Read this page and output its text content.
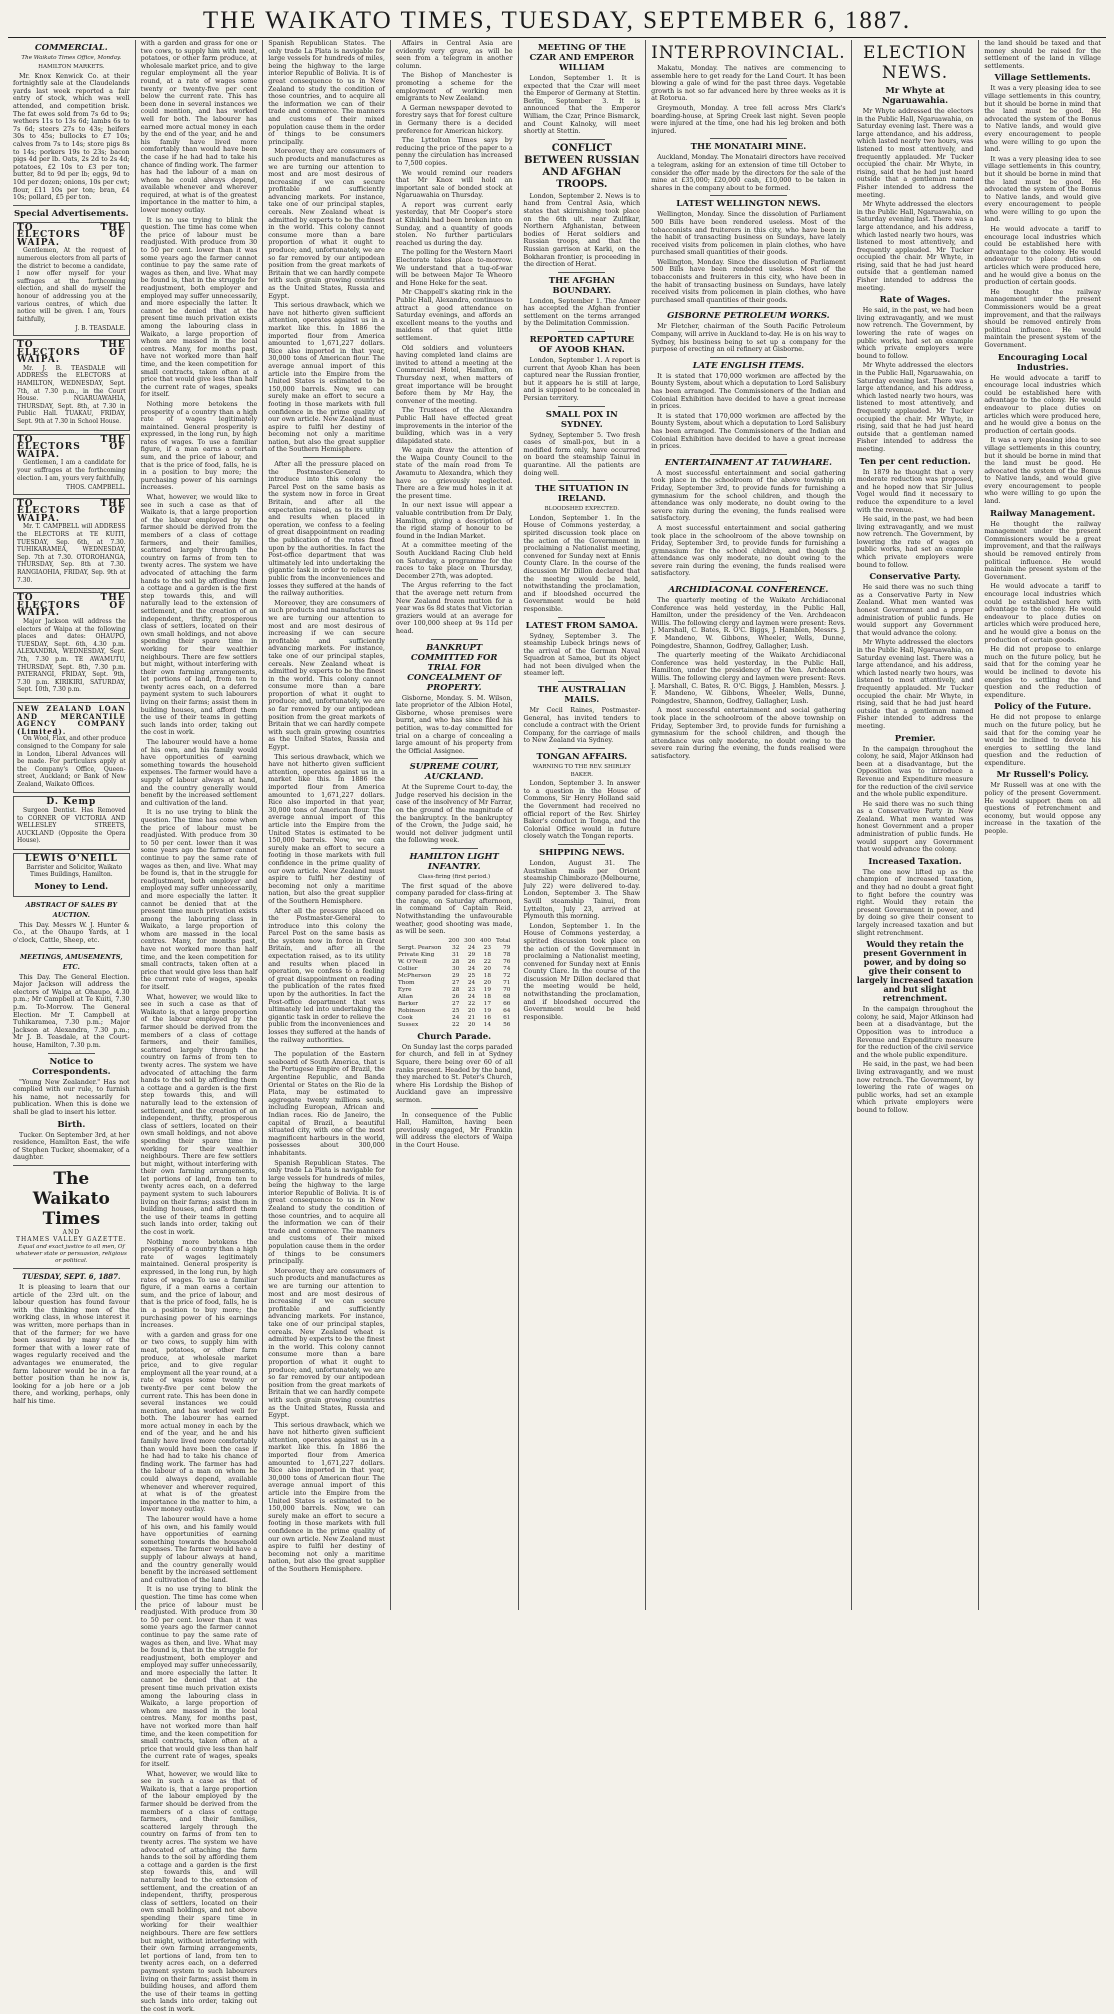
THE WAIKATO TIMES, TUESDAY, SEPTEMBER 6, 1887.
COMMERCIAL.
The Waikato Times Office, Monday.
HAMILTON MARKETS.

Mr. Knox Kenwick Co. at their fortnightly sale at the Claudelands yards last week reported a fair entry of stock, which was well attended, and competition brisk. The fat ewes sold from 7s 6d to 9s; wethers 11s to 13s 6d; lambs 6s to 7s 6d; steers 27s to 43s; heifers 30s to 45s; bullocks to £7 10s; calves from 7s to 14s; store pigs 8s to 14s; porkers 19s to 23s; bacon pigs 4d per lb. Oats, 2s 2d to 2s 4d; potatoes, £2 10s to £3 per ton; butter, 8d to 9d per lb; eggs, 9d to 10d per dozen; onions, 10s per cwt; flour, £11 10s per ton; bran, £4 10s; pollard, £5 per ton.

Special Advertisements.
TO THE ELECTORS OF WAIPA.

Gentlemen, At the request of numerous electors from all parts of the district to become a candidate, I now offer myself for your suffrages at the forthcoming election, and shall do myself the honour of addressing you at the various centres, of which due notice will be given. I am, Yours faithfully,

J. B. TEASDALE.
TO THE ELECTORS OF WAIPA.

Mr. J. B. TEASDALE will ADDRESS the ELECTORS at HAMILTON, WEDNESDAY, Sept. 7th, at 7.30 p.m., in the Court House. NGARUAWAHIA, THURSDAY, Sept. 8th, at 7.30 in Public Hall. TUAKAU, FRIDAY, Sept. 9th at 7.30 in School House.

TO THE ELECTORS OF WAIPA.

Gentlemen, I am a candidate for your suffrages at the forthcoming election. I am, yours very faithfully,

THOS. CAMPBELL.
TO THE ELECTORS OF WAIPA.

Mr. T. CAMPBELL will ADDRESS the ELECTORS at TE KUITI, TUESDAY, Sep. 6th, at 7.30. TUHIKARAMEA, WEDNESDAY, Sep. 7th at 7.30. OTOROHANGA, THURSDAY, Sep. 8th at 7.30. RANGIAOHIA, FRIDAY, Sep. 9th at 7.30.

TO THE ELECTORS OF WAIPA.

Major Jackson will address the electors of Waipa at the following places and dates: OHAUPO, TUESDAY, Sept. 6th, 4.30 p.m. ALEXANDRA, WEDNESDAY, Sept. 7th, 7.30 p.m. TE AWAMUTU, THURSDAY, Sept. 8th, 7.30 p.m. PATERANGI, FRIDAY, Sept. 9th, 7.30 p.m. KIRIKIRI, SATURDAY, Sept. 10th, 7.30 p.m.

NEW ZEALAND LOAN AND MERCANTILE AGENCY COMPANY (Limited).

On Wool, Flax, and other produce consigned to the Company for sale in London, Liberal Advances will be made. For particulars apply at the Company's Office, Queen-street, Auckland; or Bank of New Zealand, Waikato Offices.

D. Kemp

Surgeon Dentist. Has Removed to CORNER OF VICTORIA AND WELLESLEY STREETS, AUCKLAND (Opposite the Opera House).

LEWIS O'NEILL

Barrister and Solicitor, Waikato Times Buildings, Hamilton.

Money to Lend.
ABSTRACT OF SALES BY AUCTION.

This Day. Messrs W. J. Hunter & Co., at the Ohaupo Yards, at 1 o'clock, Cattle, Sheep, etc.

MEETINGS, AMUSEMENTS, ETC.

This Day. The General Election. Major Jackson will address the electors of Waipa at Ohaupo, 4.30 p.m.; Mr Campbell at Te Kuiti, 7.30 p.m. To-Morrow. The General Election. Mr T. Campbell at Tuhikaramea, 7.30 p.m.; Major Jackson at Alexandra, 7.30 p.m.; Mr J. B. Teasdale, at the Court-house, Hamilton, 7.30 p.m.

Notice to Correspondents.

"Young New Zealander." Has not complied with our rule, to furnish his name, not necessarily for publication. When this is done we shall be glad to insert his letter.

Birth.

Tucker. On September 3rd, at her residence, Hamilton East, the wife of Stephen Tucker, shoemaker, of a daughter.

The Waikato Times
AND
THAMES VALLEY GAZETTE.
Equal and exact justice to all men, Of whatever state or persuasion, religious or political.
TUESDAY, SEPT. 6, 1887.

It is pleasing to learn that our article of the 23rd ult. on the labour question has found favour with the thinking men of the working class, in whose interest it was written, more perhaps than in that of the farmer; for we have been assured by many of the former that with a lower rate of wages regularly received and the advantages we enumerated, the farm labourer would be in a far better position than he now is, looking for a job here or a job there, and working, perhaps, only half his time.

with a garden and grass for one or two cows, to supply him with meat, potatoes, or other farm produce, at wholesale market price, and to give regular employment all the year round, at a rate of wages some twenty or twenty-five per cent below the current rate. This has been done in several instances we could mention, and has worked well for both. The labourer has earned more actual money in each by the end of the year, and he and his family have lived more comfortably than would have been the case if he had had to take his chance of finding work. The farmer has had the labour of a man on whom he could always depend, available whenever and wherever required, at what is of the greatest importance in the matter to him, a lower money outlay.

It is no use trying to blink the question. The time has come when the price of labour must be readjusted. With produce from 30 to 50 per cent. lower than it was some years ago the farmer cannot continue to pay the same rate of wages as then, and live. What may be found is, that in the struggle for readjustment, both employer and employed may suffer unnecessarily, and more especially the latter. It cannot be denied that at the present time much privation exists among the labouring class in Waikato, a large proportion of whom are massed in the local centres. Many, for months past, have not worked more than half time, and the keen competition for small contracts, taken often at a price that would give less than half the current rate of wages, speaks for itself.

Nothing more betokens the prosperity of a country than a high rate of wages legitimately maintained. General prosperity is expressed, in the long run, by high rates of wages. To use a familiar figure, if a man earns a certain sum, and the price of labour, and that is the price of food, falls, he is in a position to buy more; the purchasing power of his earnings increases.

What, however, we would like to see in such a case as that of Waikato is, that a large proportion of the labour employed by the farmer should be derived from the members of a class of cottage farmers, and their families, scattered largely through the country on farms of from ten to twenty acres. The system we have advocated of attaching the farm hands to the soil by affording them a cottage and a garden is the first step towards this, and will naturally lead to the extension of settlement, and the creation of an independent, thrifty, prosperous class of settlers, located on their own small holdings, and not above spending their spare time in working for their wealthier neighbours. There are few settlers but might, without interfering with their own farming arrangements, let portions of land, from ten to twenty acres each, on a deferred payment system to such labourers living on their farms; assist them in building houses, and afford them the use of their teams in getting such lands into order, taking out the cost in work.

The labourer would have a home of his own, and his family would have opportunities of earning something towards the household expenses. The farmer would have a supply of labour always at hand, and the country generally would benefit by the increased settlement and cultivation of the land.

It is no use trying to blink the question. The time has come when the price of labour must be readjusted. With produce from 30 to 50 per cent. lower than it was some years ago the farmer cannot continue to pay the same rate of wages as then, and live. What may be found is, that in the struggle for readjustment, both employer and employed may suffer unnecessarily, and more especially the latter. It cannot be denied that at the present time much privation exists among the labouring class in Waikato, a large proportion of whom are massed in the local centres. Many, for months past, have not worked more than half time, and the keen competition for small contracts, taken often at a price that would give less than half the current rate of wages, speaks for itself.

What, however, we would like to see in such a case as that of Waikato is, that a large proportion of the labour employed by the farmer should be derived from the members of a class of cottage farmers, and their families, scattered largely through the country on farms of from ten to twenty acres. The system we have advocated of attaching the farm hands to the soil by affording them a cottage and a garden is the first step towards this, and will naturally lead to the extension of settlement, and the creation of an independent, thrifty, prosperous class of settlers, located on their own small holdings, and not above spending their spare time in working for their wealthier neighbours. There are few settlers but might, without interfering with their own farming arrangements, let portions of land, from ten to twenty acres each, on a deferred payment system to such labourers living on their farms; assist them in building houses, and afford them the use of their teams in getting such lands into order, taking out the cost in work.

Nothing more betokens the prosperity of a country than a high rate of wages legitimately maintained. General prosperity is expressed, in the long run, by high rates of wages. To use a familiar figure, if a man earns a certain sum, and the price of labour, and that is the price of food, falls, he is in a position to buy more; the purchasing power of his earnings increases.

with a garden and grass for one or two cows, to supply him with meat, potatoes, or other farm produce, at wholesale market price, and to give regular employment all the year round, at a rate of wages some twenty or twenty-five per cent below the current rate. This has been done in several instances we could mention, and has worked well for both. The labourer has earned more actual money in each by the end of the year, and he and his family have lived more comfortably than would have been the case if he had had to take his chance of finding work. The farmer has had the labour of a man on whom he could always depend, available whenever and wherever required, at what is of the greatest importance in the matter to him, a lower money outlay.

The labourer would have a home of his own, and his family would have opportunities of earning something towards the household expenses. The farmer would have a supply of labour always at hand, and the country generally would benefit by the increased settlement and cultivation of the land.

It is no use trying to blink the question. The time has come when the price of labour must be readjusted. With produce from 30 to 50 per cent. lower than it was some years ago the farmer cannot continue to pay the same rate of wages as then, and live. What may be found is, that in the struggle for readjustment, both employer and employed may suffer unnecessarily, and more especially the latter. It cannot be denied that at the present time much privation exists among the labouring class in Waikato, a large proportion of whom are massed in the local centres. Many, for months past, have not worked more than half time, and the keen competition for small contracts, taken often at a price that would give less than half the current rate of wages, speaks for itself.

What, however, we would like to see in such a case as that of Waikato is, that a large proportion of the labour employed by the farmer should be derived from the members of a class of cottage farmers, and their families, scattered largely through the country on farms of from ten to twenty acres. The system we have advocated of attaching the farm hands to the soil by affording them a cottage and a garden is the first step towards this, and will naturally lead to the extension of settlement, and the creation of an independent, thrifty, prosperous class of settlers, located on their own small holdings, and not above spending their spare time in working for their wealthier neighbours. There are few settlers but might, without interfering with their own farming arrangements, let portions of land, from ten to twenty acres each, on a deferred payment system to such labourers living on their farms; assist them in building houses, and afford them the use of their teams in getting such lands into order, taking out the cost in work.

Spanish Republican States. The only trade La Plata is navigable for large vessels for hundreds of miles, being the highway to the large interior Republic of Bolivia. It is of great consequence to us in New Zealand to study the condition of those countries, and to acquire all the information we can of their trade and commerce. The manners and customs of their mixed population cause them in the order of things to be consumers principally.

Moreover, they are consumers of such products and manufactures as we are turning our attention to most and are most desirous of increasing if we can secure profitable and sufficiently advancing markets. For instance, take one of our principal staples, cereals. New Zealand wheat is admitted by experts to be the finest in the world. This colony cannot consume more than a bare proportion of what it ought to produce; and, unfortunately, we are so far removed by our antipodean position from the great markets of Britain that we can hardly compete with such grain growing countries as the United States, Russia and Egypt.

This serious drawback, which we have not hitherto given sufficient attention, operates against us in a market like this. In 1886 the imported flour from America amounted to 1,671,227 dollars. Rice also imported in that year, 30,000 tons of American flour. The average annual import of this article into the Empire from the United States is estimated to be 150,000 barrels. Now, we can surely make an effort to secure a footing in those markets with full confidence in the prime quality of our own article. New Zealand must aspire to fulfil her destiny of becoming not only a maritime nation, but also the great supplier of the Southern Hemisphere.

After all the pressure placed on the Postmaster-General to introduce into this colony the Parcel Post on the same basis as the system now in force in Great Britain, and after all the expectation raised, as to its utility and results when placed in operation, we confess to a feeling of great disappointment on reading the publication of the rates fixed upon by the authorities. In fact the Post-office department that was ultimately led into undertaking the gigantic task in order to relieve the public from the inconveniences and losses they suffered at the hands of the railway authorities.

Moreover, they are consumers of such products and manufactures as we are turning our attention to most and are most desirous of increasing if we can secure profitable and sufficiently advancing markets. For instance, take one of our principal staples, cereals. New Zealand wheat is admitted by experts to be the finest in the world. This colony cannot consume more than a bare proportion of what it ought to produce; and, unfortunately, we are so far removed by our antipodean position from the great markets of Britain that we can hardly compete with such grain growing countries as the United States, Russia and Egypt.

This serious drawback, which we have not hitherto given sufficient attention, operates against us in a market like this. In 1886 the imported flour from America amounted to 1,671,227 dollars. Rice also imported in that year, 30,000 tons of American flour. The average annual import of this article into the Empire from the United States is estimated to be 150,000 barrels. Now, we can surely make an effort to secure a footing in those markets with full confidence in the prime quality of our own article. New Zealand must aspire to fulfil her destiny of becoming not only a maritime nation, but also the great supplier of the Southern Hemisphere.

After all the pressure placed on the Postmaster-General to introduce into this colony the Parcel Post on the same basis as the system now in force in Great Britain, and after all the expectation raised, as to its utility and results when placed in operation, we confess to a feeling of great disappointment on reading the publication of the rates fixed upon by the authorities. In fact the Post-office department that was ultimately led into undertaking the gigantic task in order to relieve the public from the inconveniences and losses they suffered at the hands of the railway authorities.

The population of the Eastern seaboard of South America, that is the Portugese Empire of Brazil, the Argentine Republic, and Banda Oriental or States on the Rio de la Plata, may be estimated to aggregate twenty millions souls, including European, African and Indian races. Rio de Janeiro, the capital of Brazil, a beautiful situated city, with one of the most magnificent harbours in the world, possesses about 300,000 inhabitants.

Spanish Republican States. The only trade La Plata is navigable for large vessels for hundreds of miles, being the highway to the large interior Republic of Bolivia. It is of great consequence to us in New Zealand to study the condition of those countries, and to acquire all the information we can of their trade and commerce. The manners and customs of their mixed population cause them in the order of things to be consumers principally.

Moreover, they are consumers of such products and manufactures as we are turning our attention to most and are most desirous of increasing if we can secure profitable and sufficiently advancing markets. For instance, take one of our principal staples, cereals. New Zealand wheat is admitted by experts to be the finest in the world. This colony cannot consume more than a bare proportion of what it ought to produce; and, unfortunately, we are so far removed by our antipodean position from the great markets of Britain that we can hardly compete with such grain growing countries as the United States, Russia and Egypt.

This serious drawback, which we have not hitherto given sufficient attention, operates against us in a market like this. In 1886 the imported flour from America amounted to 1,671,227 dollars. Rice also imported in that year, 30,000 tons of American flour. The average annual import of this article into the Empire from the United States is estimated to be 150,000 barrels. Now, we can surely make an effort to secure a footing in those markets with full confidence in the prime quality of our own article. New Zealand must aspire to fulfil her destiny of becoming not only a maritime nation, but also the great supplier of the Southern Hemisphere.

Affairs in Central Asia are evidently very grave, as will be seen from a telegram in another column.

The Bishop of Manchester is promoting a scheme for the employment of working men emigrants to New Zealand.

A German newspaper devoted to forestry says that for forest culture in Germany there is a decided preference for American hickory.

The Lyttelton Times says by reducing the price of the paper to a penny the circulation has increased to 7,500 copies.

We would remind our readers that Mr Knox will hold an important sale of bonded stock at Ngaruawahia on Thursday.

A report was current early yesterday, that Mr Cooper's store at Kihikihi had been broken into on Sunday, and a quantity of goods stolen. No further particulars reached us during the day.

The polling for the Western Maori Electorate takes place to-morrow. We understand that a tug-of-war will be between Major Te Wheoro and Hone Heke for the seat.

Mr Chappell's skating rink in the Public Hall, Alexandra, continues to attract a good attendance on Saturday evenings, and affords an excellent means to the youths and maidens of that quiet little settlement.

Old soldiers and volunteers having completed land claims are invited to attend a meeting at the Commercial Hotel, Hamilton, on Thursday next, when matters of great importance will be brought before them by Mr Hay, the convener of the meeting.

The Trustees of the Alexandra Public Hall have effected great improvements in the interior of the building, which was in a very dilapidated state.

We again draw the attention of the Waipa County Council to the state of the main road from Te Awamutu to Alexandra, which they have so grievously neglected. There are a few mud holes in it at the present time.

In our next issue will appear a valuable contribution from Dr Daly, Hamilton, giving a description of the rigid stamp of honour to be found in the Indian Market.

At a committee meeting of the South Auckland Racing Club held on Saturday, a programme for the races to take place on Thursday, December 27th, was adopted.

The Argus referring to the fact that the average nett return from New Zealand frozen mutton for a year was 6s 8d states that Victorian graziers would at an average for over 100,000 sheep at 9s 11d per head.

BANKRUPT COMMITTED FOR TRIAL FOR CONCEALMENT OF PROPERTY.

Gisborne, Monday. S. M. Wilson, late proprietor of the Albion Hotel, Gisborne, whose premises were burnt, and who has since filed his petition, was to-day committed for trial on a charge of concealing a large amount of his property from the Official Assignee.

SUPREME COURT, AUCKLAND.

At the Supreme Court to-day, the Judge reserved his decision in the case of the insolvency of Mr Farrar, on the ground of the magnitude of the bankruptcy. In the bankruptcy of the Crown, the Judge said, he would not deliver judgment until the following week.

HAMILTON LIGHT INFANTRY.
Class-firing (first period.)

The first squad of the above company paraded for class-firing at the range, on Saturday afternoon, in command of Captain Reid. Notwithstanding the unfavourable weather, good shooting was made, as will be seen.

	200	300	400	Total
Sergt. Pearson	32	24	23	79
Private King	31	29	18	78
W. O'Neill	28	26	22	76
Collier	30	24	20	74
McPherson	29	25	18	72
Thom	27	24	20	71
Eyre	28	23	19	70
Allan	26	24	18	68
Barker	27	22	17	66
Robinson	25	20	19	64
Cook	24	21	16	61
Sussex	22	20	14	56
Church Parade.

On Sunday last the corps paraded for church, and fell in at Sydney Square, there being over 60 of all ranks present. Headed by the band, they marched to St. Peter's Church, where His Lordship the Bishop of Auckland gave an impressive sermon.

In consequence of the Public Hall, Hamilton, having been previously engaged, Mr Franklin will address the electors of Waipa in the Court House.

MEETING OF THE CZAR AND EMPEROR WILLIAM

London, September 1. It is expected that the Czar will meet the Emperor of Germany at Stettin. Berlin, September 3. It is announced that the Emperor William, the Czar, Prince Bismarck, and Count Kalnoky, will meet shortly at Stettin.

CONFLICT BETWEEN RUSSIAN AND AFGHAN TROOPS.

London, September 2. News is to hand from Central Asia, which states that skirmishing took place on the 6th ult. near Zulfikar, Northern Afghanistan, between bodies of Herat soldiers and Russian troops, and that the Russian garrison at Karki, on the Bokharan frontier, is proceeding in the direction of Herat.

THE AFGHAN BOUNDARY.

London, September 1. The Ameer has accepted the Afghan frontier settlement on the terms arranged by the Delimitation Commission.

REPORTED CAPTURE OF AYOOB KHAN.

London, September 1. A report is current that Ayoob Khan has been captured near the Russian frontier, but it appears he is still at large, and is supposed to be concealed in Persian territory.

SMALL POX IN SYDNEY.

Sydney, September 5. Two fresh cases of small-pox, but in a modified form only, have occurred on board the steamship Tainui in quarantine. All the patients are doing well.

THE SITUATION IN IRELAND.
BLOODSHED EXPECTED.

London, September 1. In the House of Commons yesterday, a spirited discussion took place on the action of the Government in proclaiming a Nationalist meeting, convened for Sunday next at Ennis County Clare. In the course of the discussion Mr Dillon declared that the meeting would be held, notwithstanding the proclamation, and if bloodshed occurred the Government would be held responsible.

LATEST FROM SAMOA.

Sydney, September 3. The steamship Lubeck brings news of the arrival of the German Naval Squadron at Samoa, but its object had not been divulged when the steamer left.

THE AUSTRALIAN MAILS.

Mr Cecil Raines, Postmaster-General, has invited tenders to conclude a contract with the Orient Company, for the carriage of mails to New Zealand via Sydney.

TONGAN AFFAIRS.
WARNING TO THE REV. SHIRLEY BAKER.

London, September 3. In answer to a question in the House of Commons, Sir Henry Holland said the Government had received no official report of the Rev. Shirley Baker's conduct in Tonga, and the Colonial Office would in future closely watch the Tongan reports.

SHIPPING NEWS.

London, August 31. The Australian mails per Orient steamship Chimborazo (Melbourne, July 22) were delivered to-day. London, September 3. The Shaw Savill steamship Tainui, from Lyttelton, July 23, arrived at Plymouth this morning.

London, September 1. In the House of Commons yesterday, a spirited discussion took place on the action of the Government in proclaiming a Nationalist meeting, convened for Sunday next at Ennis County Clare. In the course of the discussion Mr Dillon declared that the meeting would be held, notwithstanding the proclamation, and if bloodshed occurred the Government would be held responsible.

INTERPROVINCIAL.

Makatu, Monday. The natives are commencing to assemble here to get ready for the Land Court. It has been blowing a gale of wind for the past three days. Vegetable growth is not so far advanced here by three weeks as it is at Rotorua.

Greymouth, Monday. A tree fell across Mrs Clark's boarding-house, at Spring Creek last night. Seven people were injured at the time, one had his leg broken and both injured.

THE MONATAIRI MINE.

Auckland, Monday. The Monatairi directors have received a telegram, asking for an extension of time till October to consider the offer made by the directors for the sale of the mine at £35,000; £20,000 cash, £10,000 to be taken in shares in the company about to be formed.

LATEST WELLINGTON NEWS.

Wellington, Monday. Since the dissolution of Parliament 500 Bills have been rendered useless. Most of the tobacconists and fruiterers in this city, who have been in the habit of transacting business on Sundays, have lately received visits from policemen in plain clothes, who have purchased small quantities of their goods.

Wellington, Monday. Since the dissolution of Parliament 500 Bills have been rendered useless. Most of the tobacconists and fruiterers in this city, who have been in the habit of transacting business on Sundays, have lately received visits from policemen in plain clothes, who have purchased small quantities of their goods.

GISBORNE PETROLEUM WORKS.

Mr Fletcher, chairman of the South Pacific Petroleum Company, will arrive in Auckland to-day. He is on his way to Sydney, his business being to set up a company for the purpose of erecting an oil refinery at Gisborne.

LATE ENGLISH ITEMS.

It is stated that 170,000 workmen are affected by the Bounty System, about which a deputation to Lord Salisbury has been arranged. The Commissioners of the Indian and Colonial Exhibition have decided to have a great increase in prices.

It is stated that 170,000 workmen are affected by the Bounty System, about which a deputation to Lord Salisbury has been arranged. The Commissioners of the Indian and Colonial Exhibition have decided to have a great increase in prices.

ENTERTAINMENT AT TAUWHARE.

A most successful entertainment and social gathering took place in the schoolroom of the above township on Friday, September 3rd, to provide funds for furnishing a gymnasium for the school children, and though the attendance was only moderate, no doubt owing to the severe rain during the evening, the funds realised were satisfactory.

A most successful entertainment and social gathering took place in the schoolroom of the above township on Friday, September 3rd, to provide funds for furnishing a gymnasium for the school children, and though the attendance was only moderate, no doubt owing to the severe rain during the evening, the funds realised were satisfactory.

ARCHIDIACONAL CONFERENCE.

The quarterly meeting of the Waikato Archidiaconal Conference was held yesterday, in the Public Hall, Hamilton, under the presidency of the Ven. Archdeacon Willis. The following clergy and laymen were present: Revs. J. Marshall, C. Bates, R. O'C. Biggs, J. Hamblen, Messrs. J. F. Mandeno, W. Gibbons, Wheeler, Wells, Dunne, Poingdestre, Shannon, Godfrey, Gallagher, Lush.

The quarterly meeting of the Waikato Archidiaconal Conference was held yesterday, in the Public Hall, Hamilton, under the presidency of the Ven. Archdeacon Willis. The following clergy and laymen were present: Revs. J. Marshall, C. Bates, R. O'C. Biggs, J. Hamblen, Messrs. J. F. Mandeno, W. Gibbons, Wheeler, Wells, Dunne, Poingdestre, Shannon, Godfrey, Gallagher, Lush.

A most successful entertainment and social gathering took place in the schoolroom of the above township on Friday, September 3rd, to provide funds for furnishing a gymnasium for the school children, and though the attendance was only moderate, no doubt owing to the severe rain during the evening, the funds realised were satisfactory.

ELECTION NEWS.
Mr Whyte at Ngaruawahia.

Mr Whyte addressed the electors in the Public Hall, Ngaruawahia, on Saturday evening last. There was a large attendance, and his address, which lasted nearly two hours, was listened to most attentively, and frequently applauded. Mr Tucker occupied the chair. Mr Whyte, in rising, said that he had just heard outside that a gentleman named Fisher intended to address the meeting.

Mr Whyte addressed the electors in the Public Hall, Ngaruawahia, on Saturday evening last. There was a large attendance, and his address, which lasted nearly two hours, was listened to most attentively, and frequently applauded. Mr Tucker occupied the chair. Mr Whyte, in rising, said that he had just heard outside that a gentleman named Fisher intended to address the meeting.

Rate of Wages.

He said, in the past, we had been living extravagantly, and we must now retrench. The Government, by lowering the rate of wages on public works, had set an example which private employers were bound to follow.

Mr Whyte addressed the electors in the Public Hall, Ngaruawahia, on Saturday evening last. There was a large attendance, and his address, which lasted nearly two hours, was listened to most attentively, and frequently applauded. Mr Tucker occupied the chair. Mr Whyte, in rising, said that he had just heard outside that a gentleman named Fisher intended to address the meeting.

Ten per cent reduction.

In 1879 he thought that a very moderate reduction was proposed, and he hoped now that Sir Julius Vogel would find it necessary to reduce the expenditure to a level with the revenue.

He said, in the past, we had been living extravagantly, and we must now retrench. The Government, by lowering the rate of wages on public works, had set an example which private employers were bound to follow.

Conservative Party.

He said there was no such thing as a Conservative Party in New Zealand. What men wanted was honest Government and a proper administration of public funds. He would support any Government that would advance the colony.

Mr Whyte addressed the electors in the Public Hall, Ngaruawahia, on Saturday evening last. There was a large attendance, and his address, which lasted nearly two hours, was listened to most attentively, and frequently applauded. Mr Tucker occupied the chair. Mr Whyte, in rising, said that he had just heard outside that a gentleman named Fisher intended to address the meeting.

Premier.

In the campaign throughout the colony, he said, Major Atkinson had been at a disadvantage, but the Opposition was to introduce a Revenue and Expenditure measure for the reduction of the civil service and the whole public expenditure.

He said there was no such thing as a Conservative Party in New Zealand. What men wanted was honest Government and a proper administration of public funds. He would support any Government that would advance the colony.

Increased Taxation.

The one now lifted up as the champion of increased taxation, and they had no doubt a great fight to fight before the country was right. Would they retain the present Government in power, and by doing so give their consent to largely increased taxation and but slight retrenchment.

Would they retain the present Government in power, and by doing so give their consent to largely increased taxation and but slight retrenchment.

In the campaign throughout the colony, he said, Major Atkinson had been at a disadvantage, but the Opposition was to introduce a Revenue and Expenditure measure for the reduction of the civil service and the whole public expenditure.

He said, in the past, we had been living extravagantly, and we must now retrench. The Government, by lowering the rate of wages on public works, had set an example which private employers were bound to follow.

the land should be taxed and that money should be raised for the settlement of the land in village settlements.

Village Settlements.

It was a very pleasing idea to see village settlements in this country, but it should be borne in mind that the land must be good. He advocated the system of the Bonus to Native lands, and would give every encouragement to people who were willing to go upon the land.

It was a very pleasing idea to see village settlements in this country, but it should be borne in mind that the land must be good. He advocated the system of the Bonus to Native lands, and would give every encouragement to people who were willing to go upon the land.

He would advocate a tariff to encourage local industries which could be established here with advantage to the colony. He would endeavour to place duties on articles which were produced here, and he would give a bonus on the production of certain goods.

He thought the railway management under the present Commissioners would be a great improvement, and that the railways should be removed entirely from political influence. He would maintain the present system of the Government.

Encouraging Local Industries.

He would advocate a tariff to encourage local industries which could be established here with advantage to the colony. He would endeavour to place duties on articles which were produced here, and he would give a bonus on the production of certain goods.

It was a very pleasing idea to see village settlements in this country, but it should be borne in mind that the land must be good. He advocated the system of the Bonus to Native lands, and would give every encouragement to people who were willing to go upon the land.

Railway Management.

He thought the railway management under the present Commissioners would be a great improvement, and that the railways should be removed entirely from political influence. He would maintain the present system of the Government.

He would advocate a tariff to encourage local industries which could be established here with advantage to the colony. He would endeavour to place duties on articles which were produced here, and he would give a bonus on the production of certain goods.

He did not propose to enlarge much on the future policy, but he said that for the coming year he would be inclined to devote his energies to settling the land question and the reduction of expenditure.

Policy of the Future.

He did not propose to enlarge much on the future policy, but he said that for the coming year he would be inclined to devote his energies to settling the land question and the reduction of expenditure.

Mr Russell's Policy.

Mr Russell was at one with the policy of the present Government. He would support them on all questions of retrenchment and economy, but would oppose any increase in the taxation of the people.
